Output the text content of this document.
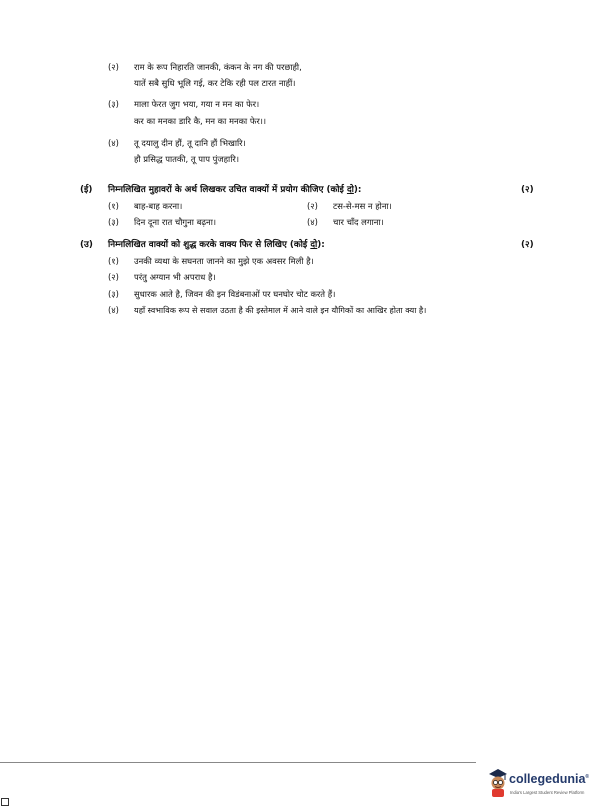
(२) राम के रूप निहारति जानकी, कंकन के नग की परछाही,
यातें सबै सुधि भूलि गई, कर टेकि रही पल टारत नाहीं।
(३) माला फेरत जुग भया, गया न मन का फेर।
कर का मनका डारि कै, मन का मनका फेर।।
(४) तू दयालु दीन हौं, तू दानि हौं भिखारि।
हौ प्रसिद्ध पातकी, तू पाप पुंजहारि।
(ई) निम्नलिखित मुहावरों के अर्थ लिखकर उचित वाक्यों में प्रयोग कीजिए (कोई दो):	(२)
(१) बाह-बाह करना।	(२) टस-से-मस न होना।
(३) दिन दूना रात चौगुना बढ़ना।	(४) चार चाँद लगाना।
(उ) निम्नलिखित वाक्यों को शुद्ध करके वाक्य फिर से लिखिए (कोई दो):	(२)
(१) उनकी व्यथा के सघनता जानने का मुझे एक अवसर मिली है।
(२) परंतु अग्यान भी अपराध है।
(३) सुधारक आते है, जिवन की इन विडंबनाओं पर घनघोर चोट करते हैं।
(४) यहाँ स्वभाविक रूप से सवाल उठता है की इस्तेमाल में आने वाले इन यौगिकों का आखिर होता क्या है।
collegedunia®
India's Largest Student Review Platform
